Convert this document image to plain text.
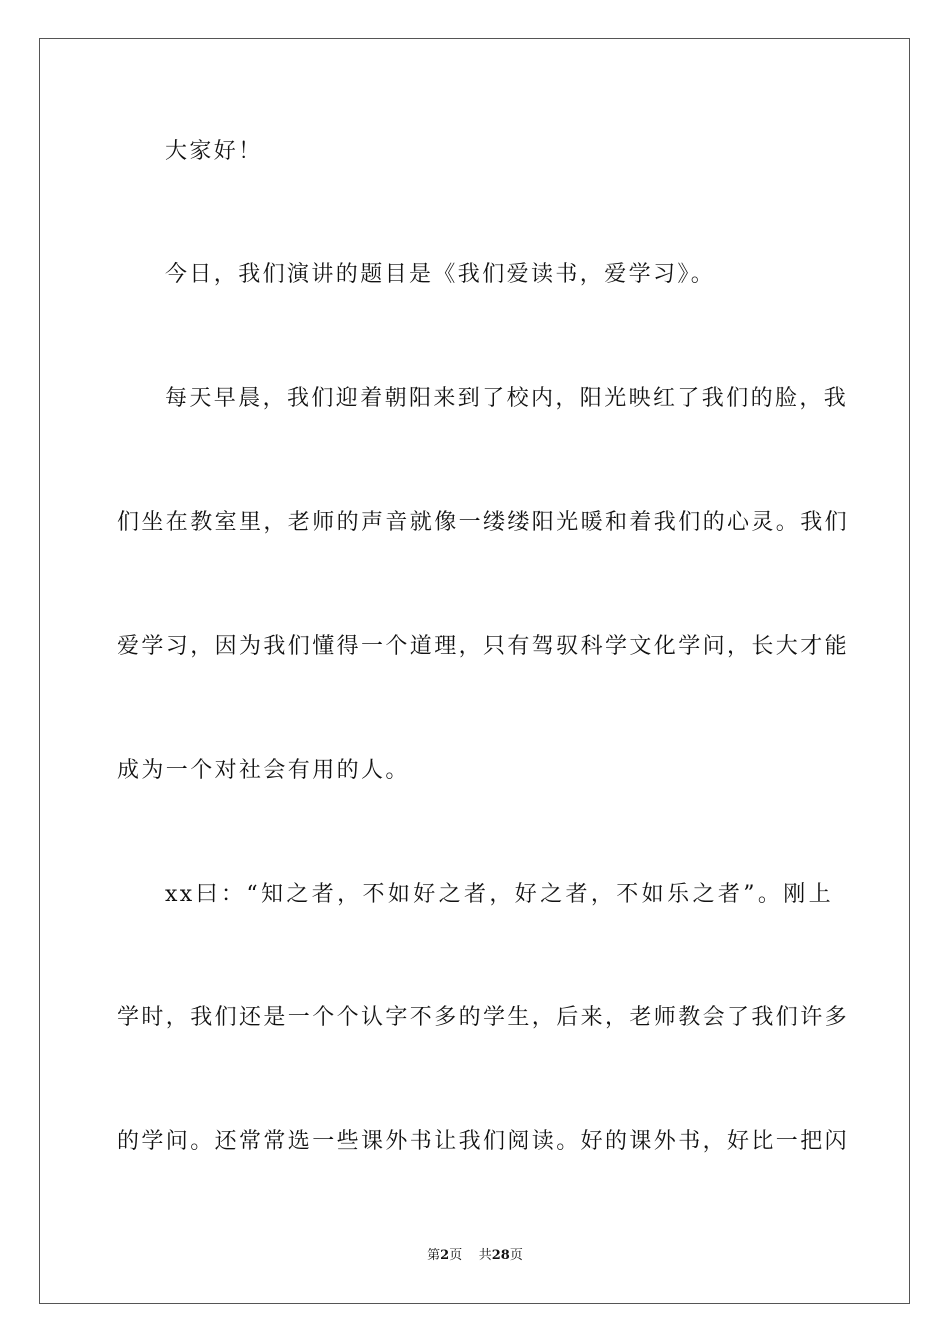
大家好！
今日，我们演讲的题目是《我们爱读书，爱学习》。
每天早晨，我们迎着朝阳来到了校内，阳光映红了我们的脸，我
们坐在教室里，老师的声音就像一缕缕阳光暖和着我们的心灵。我们
爱学习，因为我们懂得一个道理，只有驾驭科学文化学问，长大才能
成为一个对社会有用的人。
xx曰：“知之者，不如好之者，好之者，不如乐之者”。刚上
学时，我们还是一个个认字不多的学生，后来，老师教会了我们许多
的学问。还常常选一些课外书让我们阅读。好的课外书，好比一把闪
第2页 共28页
